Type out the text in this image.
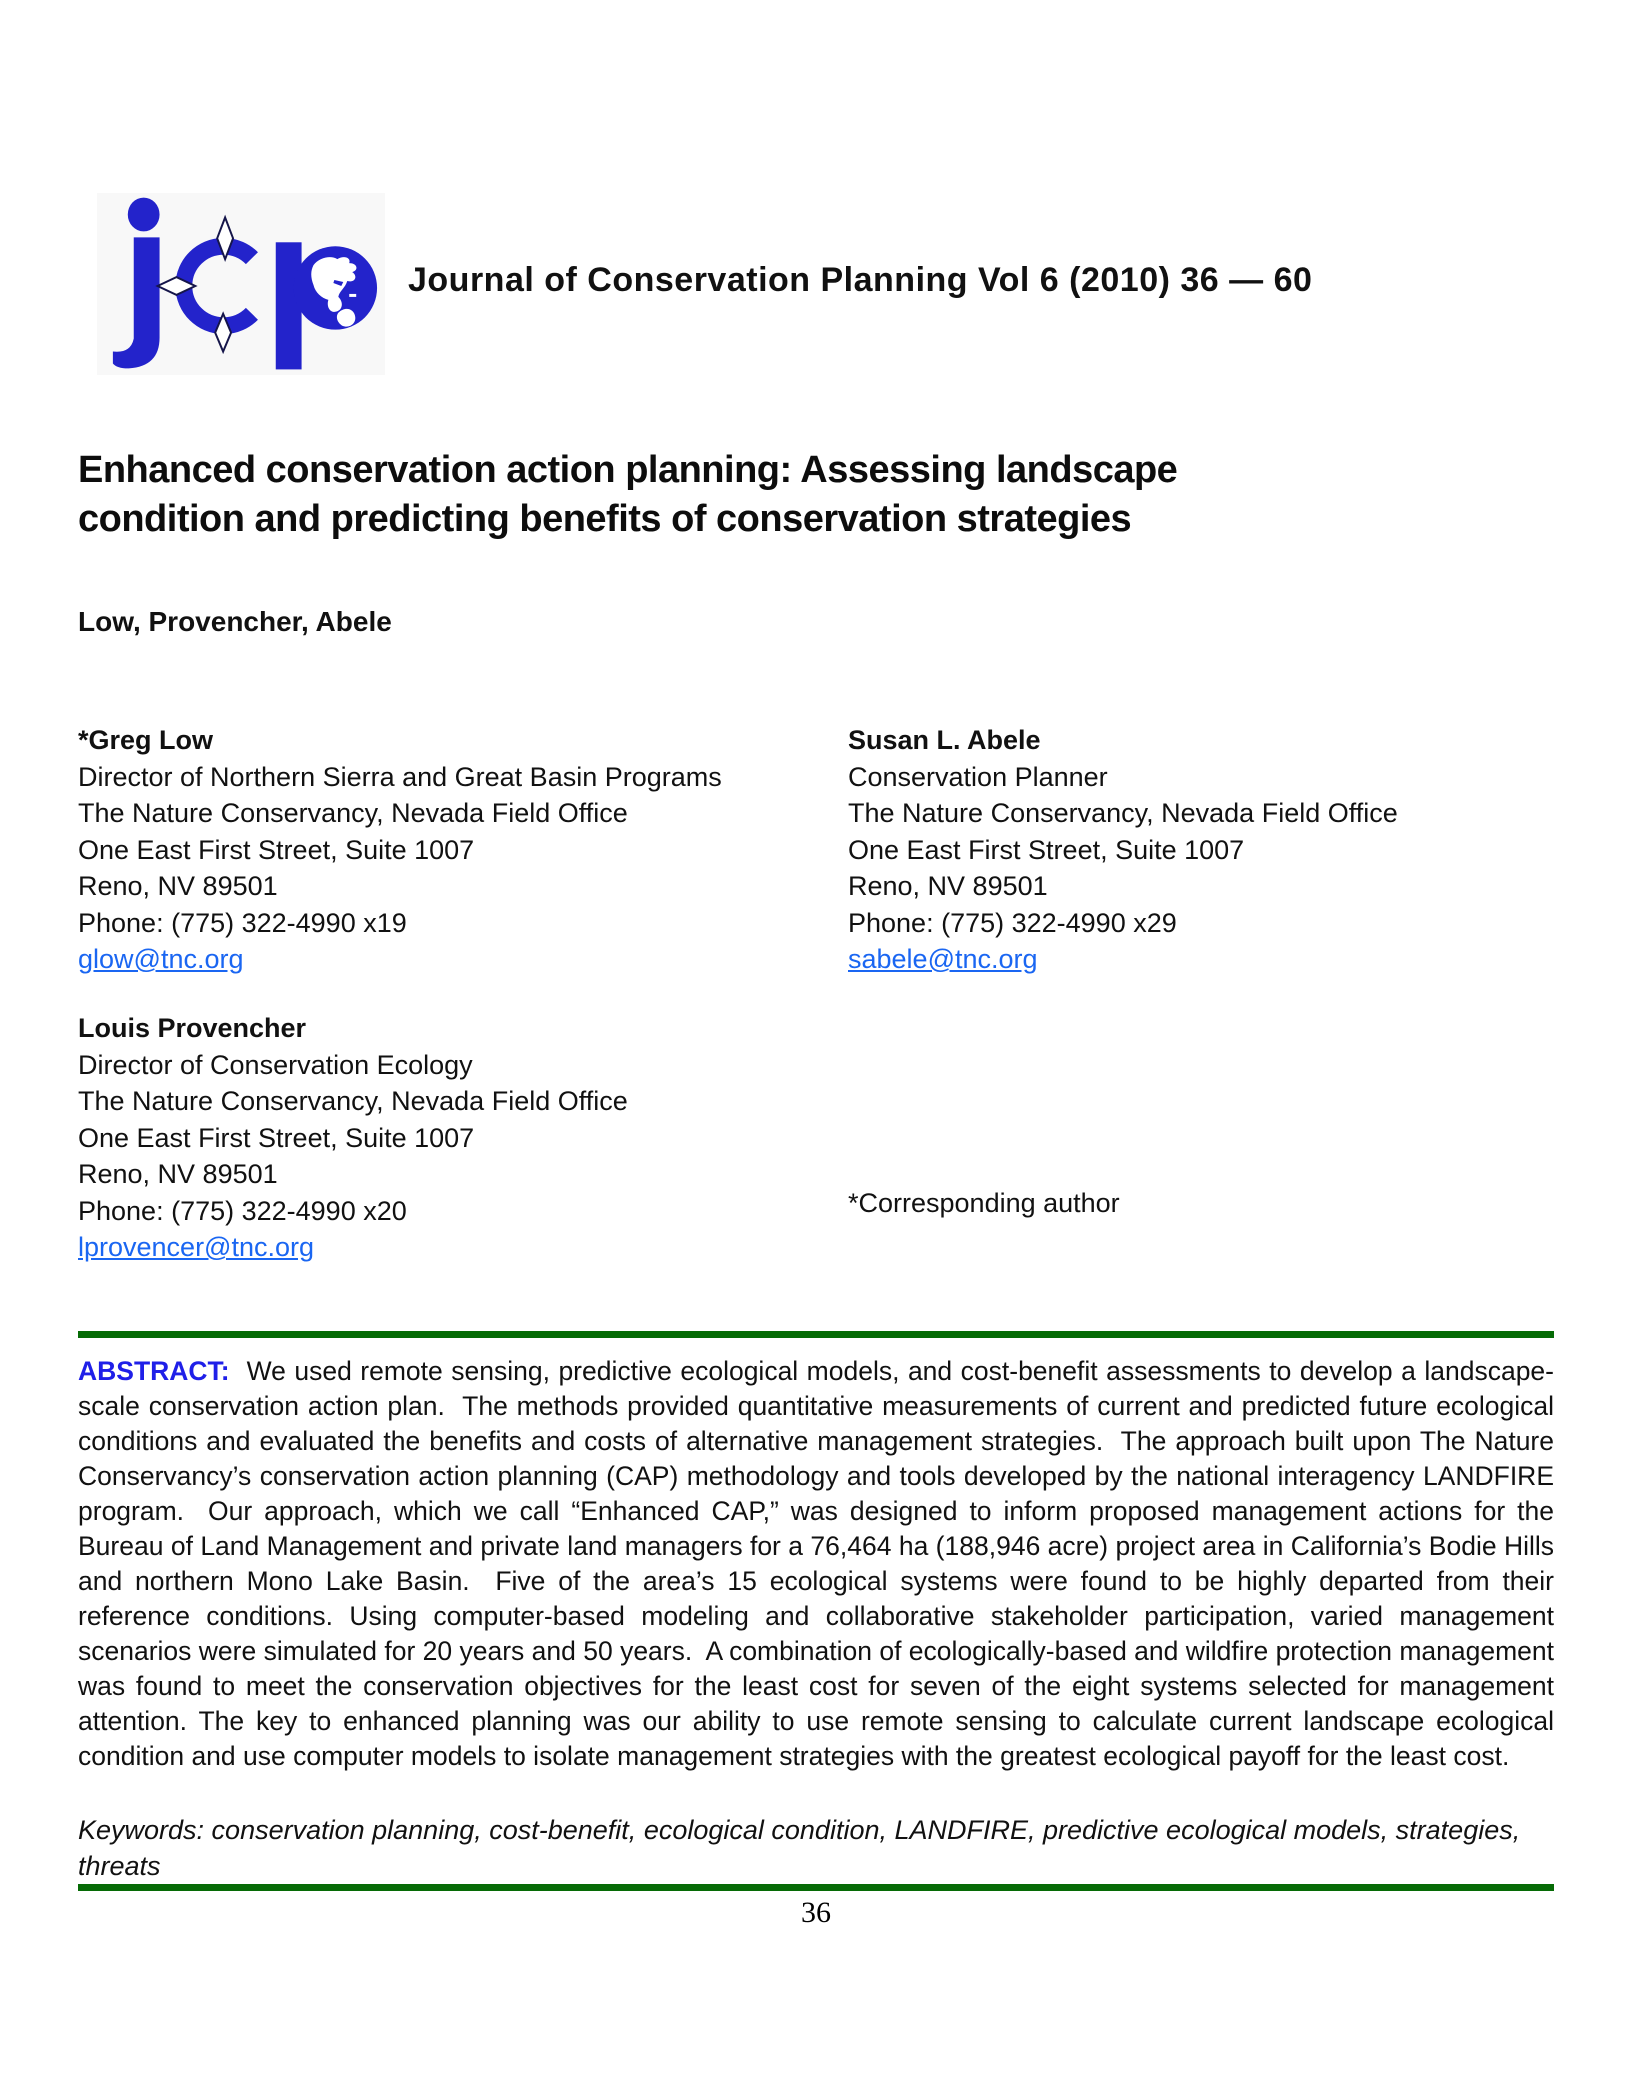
Journal of Conservation Planning Vol 6 (2010) 36 — 60
Enhanced conservation action planning: Assessing landscape condition and predicting benefits of conservation strategies
Low, Provencher, Abele
*Greg Low
Director of Northern Sierra and Great Basin Programs
The Nature Conservancy, Nevada Field Office
One East First Street, Suite 1007
Reno, NV 89501
Phone: (775) 322-4990 x19
glow@tnc.org
Susan L. Abele
Conservation Planner
The Nature Conservancy, Nevada Field Office
One East First Street, Suite 1007
Reno, NV 89501
Phone: (775) 322-4990 x29
sabele@tnc.org
Louis Provencher
Director of Conservation Ecology
The Nature Conservancy, Nevada Field Office
One East First Street, Suite 1007
Reno, NV 89501
Phone: (775) 322-4990 x20
lprovencer@tnc.org
*Corresponding author

ABSTRACT:  We used remote sensing, predictive ecological models, and cost-benefit assessments to develop a landscape-scale conservation action plan.  The methods provided quantitative measurements of current and predicted future ecological conditions and evaluated the benefits and costs of alternative management strategies.  The approach built upon The Nature Conservancy’s conservation action planning (CAP) methodology and tools developed by the national interagency LANDFIRE program.  Our approach, which we call “Enhanced CAP,” was designed to inform proposed management actions for the Bureau of Land Management and private land managers for a 76,464 ha (188,946 acre) project area in California’s Bodie Hills and northern Mono Lake Basin.  Five of the area’s 15 ecological systems were found to be highly departed from their reference conditions. Using computer-based modeling and collaborative stakeholder participation, varied management scenarios were simulated for 20 years and 50 years.  A combination of ecologically-based and wildfire protection management was found to meet the conservation objectives for the least cost for seven of the eight systems selected for management attention. The key to enhanced planning was our ability to use remote sensing to calculate current landscape ecological condition and use computer models to isolate management strategies with the greatest ecological payoff for the least cost.

Keywords: conservation planning, cost-benefit, ecological condition, LANDFIRE, predictive ecological models, strategies, threats

36
